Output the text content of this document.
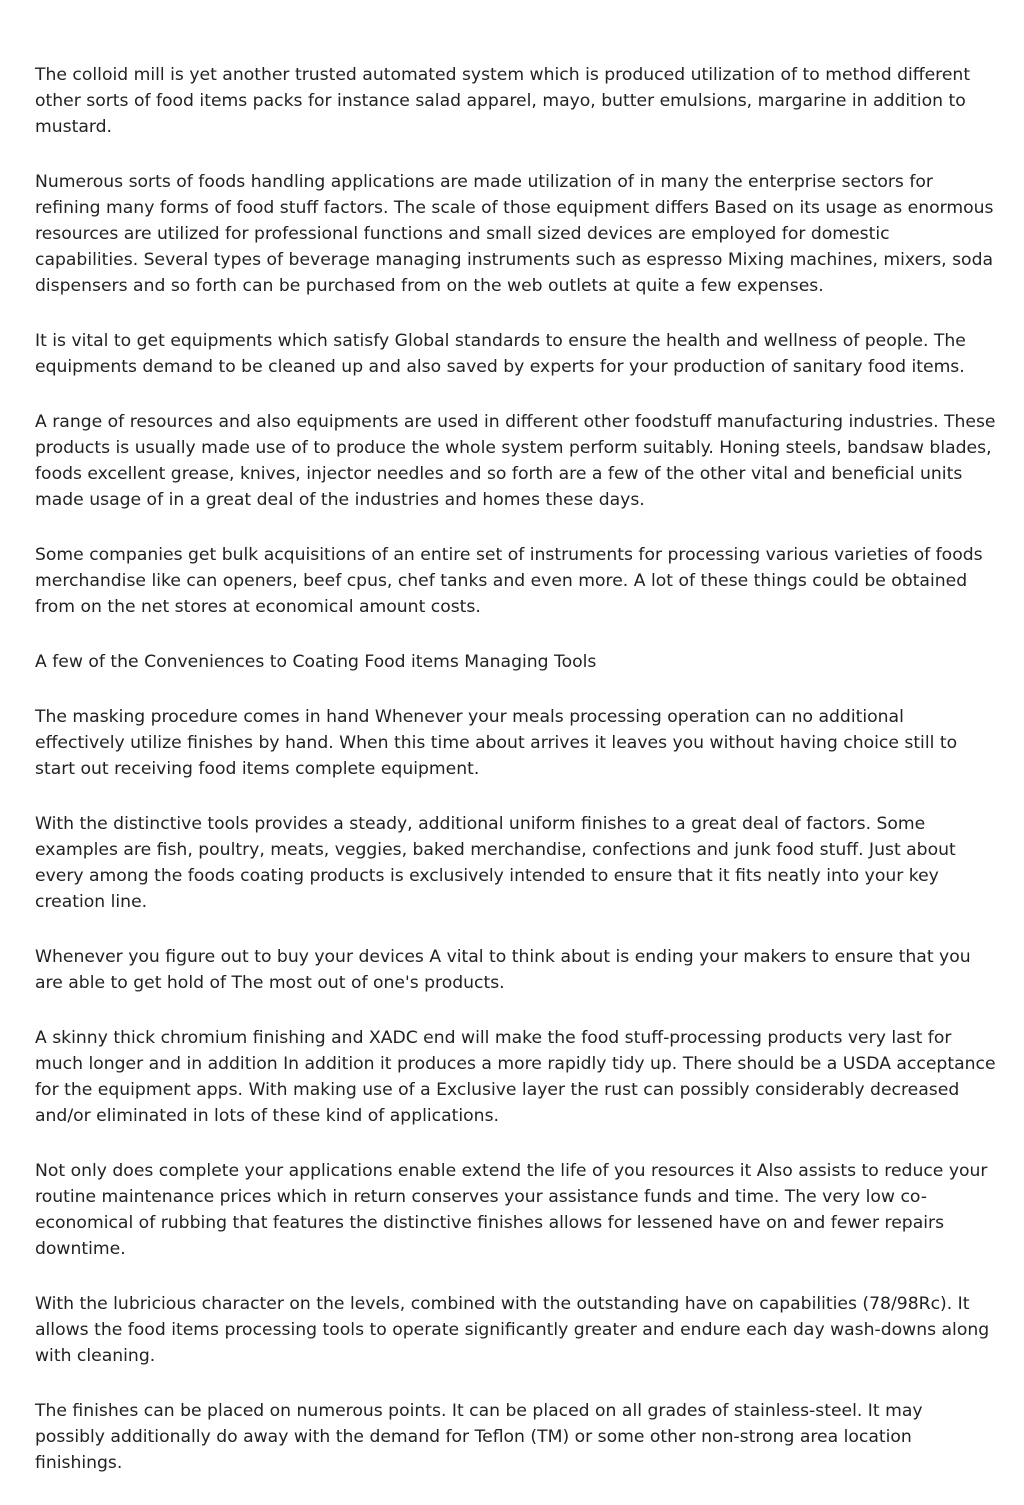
The colloid mill is yet another trusted automated system which is produced utilization of to method different other sorts of food items packs for instance salad apparel, mayo, butter emulsions, margarine in addition to mustard.

Numerous sorts of foods handling applications are made utilization of in many the enterprise sectors for refining many forms of food stuff factors. The scale of those equipment differs Based on its usage as enormous resources are utilized for professional functions and small sized devices are employed for domestic capabilities. Several types of beverage managing instruments such as espresso Mixing machines, mixers, soda dispensers and so forth can be purchased from on the web outlets at quite a few expenses.

It is vital to get equipments which satisfy Global standards to ensure the health and wellness of people. The equipments demand to be cleaned up and also saved by experts for your production of sanitary food items.

A range of resources and also equipments are used in different other foodstuff manufacturing industries. These products is usually made use of to produce the whole system perform suitably. Honing steels, bandsaw blades, foods excellent grease, knives, injector needles and so forth are a few of the other vital and beneficial units made usage of in a great deal of the industries and homes these days.

Some companies get bulk acquisitions of an entire set of instruments for processing various varieties of foods merchandise like can openers, beef cpus, chef tanks and even more. A lot of these things could be obtained from on the net stores at economical amount costs.

A few of the Conveniences to Coating Food items Managing Tools

The masking procedure comes in hand Whenever your meals processing operation can no additional effectively utilize finishes by hand. When this time about arrives it leaves you without having choice still to start out receiving food items complete equipment.

With the distinctive tools provides a steady, additional uniform finishes to a great deal of factors. Some examples are fish, poultry, meats, veggies, baked merchandise, confections and junk food stuff. Just about every among the foods coating products is exclusively intended to ensure that it fits neatly into your key creation line.

Whenever you figure out to buy your devices A vital to think about is ending your makers to ensure that you are able to get hold of The most out of one's products.

A skinny thick chromium finishing and XADC end will make the food stuff-processing products very last for much longer and in addition In addition it produces a more rapidly tidy up. There should be a USDA acceptance for the equipment apps. With making use of a Exclusive layer the rust can possibly considerably decreased and/or eliminated in lots of these kind of applications.

Not only does complete your applications enable extend the life of you resources it Also assists to reduce your routine maintenance prices which in return conserves your assistance funds and time. The very low co-economical of rubbing that features the distinctive finishes allows for lessened have on and fewer repairs downtime.

With the lubricious character on the levels, combined with the outstanding have on capabilities (78/98Rc). It allows the food items processing tools to operate significantly greater and endure each day wash-downs along with cleaning.

The finishes can be placed on numerous points. It can be placed on all grades of stainless-steel. It may possibly additionally do away with the demand for Teflon (TM) or some other non-strong area location finishings.
